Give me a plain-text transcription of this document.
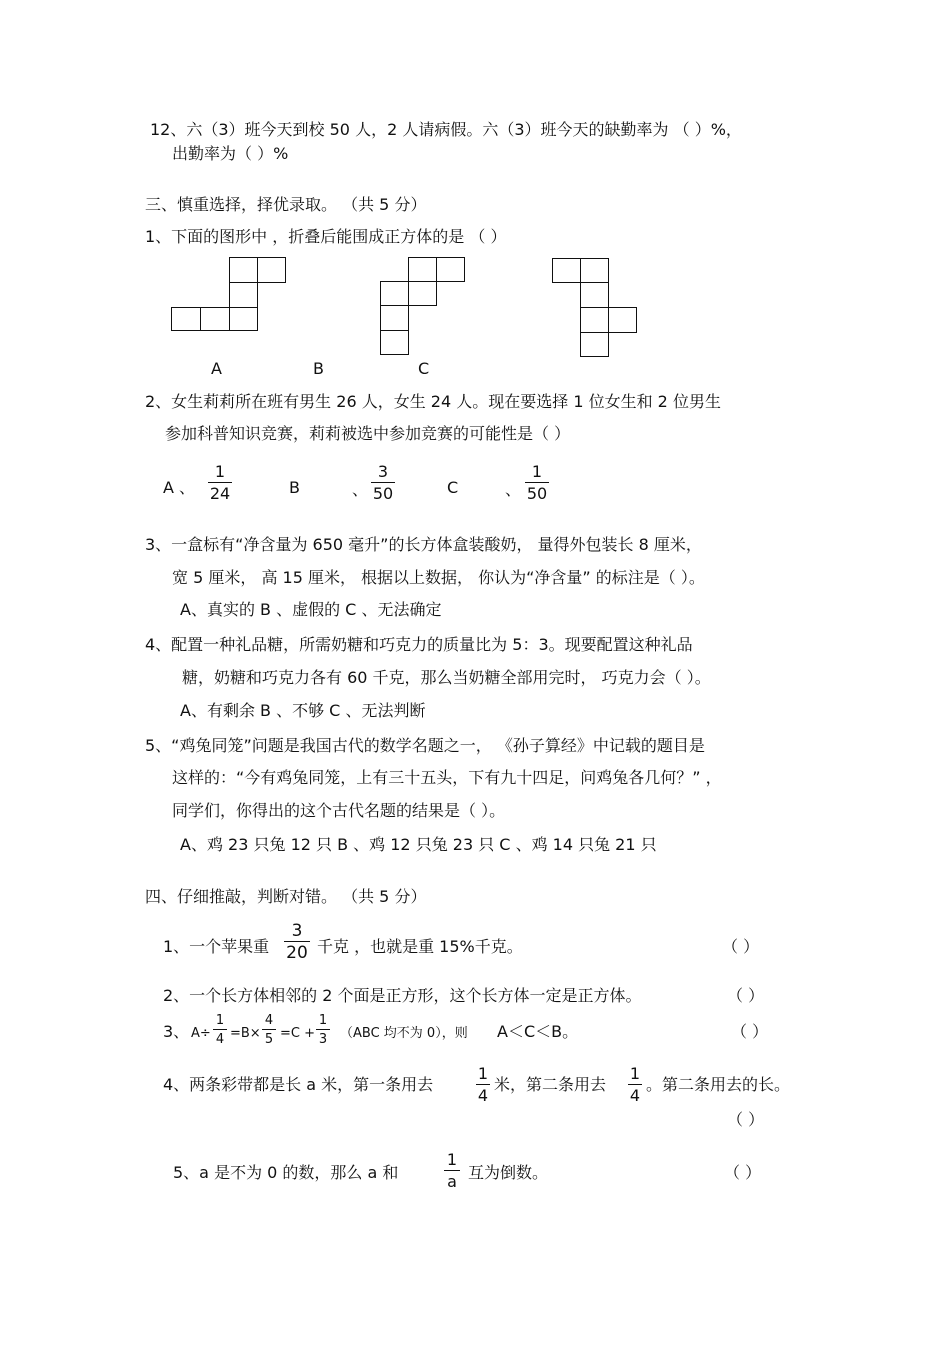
12、六（3）班今天到校 50 人，2 人请病假。六（3）班今天的缺勤率为 （ ）%，
出勤率为（ ）%
三、慎重选择，择优录取。 （共 5 分）
1、下面的图形中 ，折叠后能围成正方体的是 （ ）
A	B	C
2、女生莉莉所在班有男生 26 人，女生 24 人。现在要选择 1 位女生和 2 位男生
参加科普知识竞赛，莉莉被选中参加竞赛的可能性是（ ）
A 、
1
24	B	、
3
50	C	、
1
50
3、一盒标有“净含量为 650 毫升”的长方体盒装酸奶， 量得外包装长 8 厘米，
宽 5 厘米， 高 15 厘米， 根据以上数据， 你认为“净含量” 的标注是（ ）。
A、真实的 B 、虚假的 C 、无法确定
4、配置一种礼品糖，所需奶糖和巧克力的质量比为 5：3。现要配置这种礼品
糖，奶糖和巧克力各有 60 千克，那么当奶糖全部用完时， 巧克力会（ ）。
A、有剩余 B 、不够 C 、无法判断
5、“鸡兔同笼”问题是我国古代的数学名题之一， 《孙子算经》中记载的题目是
这样的：“今有鸡兔同笼，上有三十五头，下有九十四足，问鸡兔各几何？” ，
同学们，你得出的这个古代名题的结果是（ ）。
A、鸡 23 只兔 12 只 B 、鸡 12 只兔 23 只 C 、鸡 14 只兔 21 只
四、仔细推敲，判断对错。 （共 5 分）
1、一个苹果重
3
20 千克 ，也就是重 15%千克。	（ ）
2、一个长方体相邻的 2 个面是正方形，这个长方体一定是正方体。	（ ）
3、 A÷
1
4 =B×
4
5 =C +
1
3 （ABC 均不为 0），则 A＜C＜B。	（ ）
4、两条彩带都是长 a 米，第一条用去
1
4
米，第二条用去
1
4
。第二条用去的长。
（ ）
5、a 是不为 0 的数，那么 a 和
1
a 互为倒数。	（ ）
